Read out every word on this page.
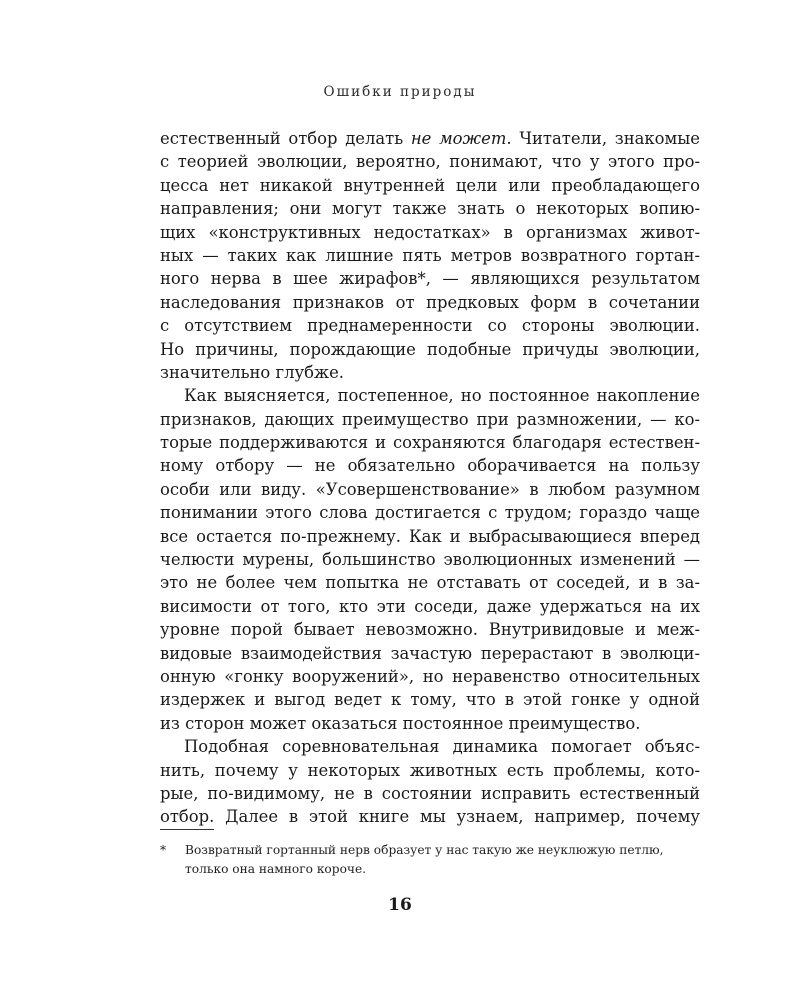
Ошибки природы
естественный отбор делать не может. Читатели, знакомые
с теорией эволюции, вероятно, понимают, что у этого про-
цесса нет никакой внутренней цели или преобладающего
направления; они могут также знать о некоторых вопию-
щих «конструктивных недостатках» в организмах живот-
ных — таких как лишние пять метров возвратного гортан-
ного нерва в шее жирафов*, — являющихся результатом
наследования признаков от предковых форм в сочетании
с отсутствием преднамеренности со стороны эволюции.
Но причины, порождающие подобные причуды эволюции,
значительно глубже.
Как выясняется, постепенное, но постоянное накопление
признаков, дающих преимущество при размножении, — ко-
торые поддерживаются и сохраняются благодаря естествен-
ному отбору — не обязательно оборачивается на пользу
особи или виду. «Усовершенствование» в любом разумном
понимании этого слова достигается с трудом; гораздо чаще
все остается по-прежнему. Как и выбрасывающиеся вперед
челюсти мурены, большинство эволюционных изменений —
это не более чем попытка не отставать от соседей, и в за-
висимости от того, кто эти соседи, даже удержаться на их
уровне порой бывает невозможно. Внутривидовые и меж-
видовые взаимодействия зачастую перерастают в эволюци-
онную «гонку вооружений», но неравенство относительных
издержек и выгод ведет к тому, что в этой гонке у одной
из сторон может оказаться постоянное преимущество.
Подобная соревновательная динамика помогает объяс-
нить, почему у некоторых животных есть проблемы, кото-
рые, по-видимому, не в состоянии исправить естественный
отбор. Далее в этой книге мы узнаем, например, почему
* Возвратный гортанный нерв образует у нас такую же неуклюжую петлю,
только она намного короче.
16
